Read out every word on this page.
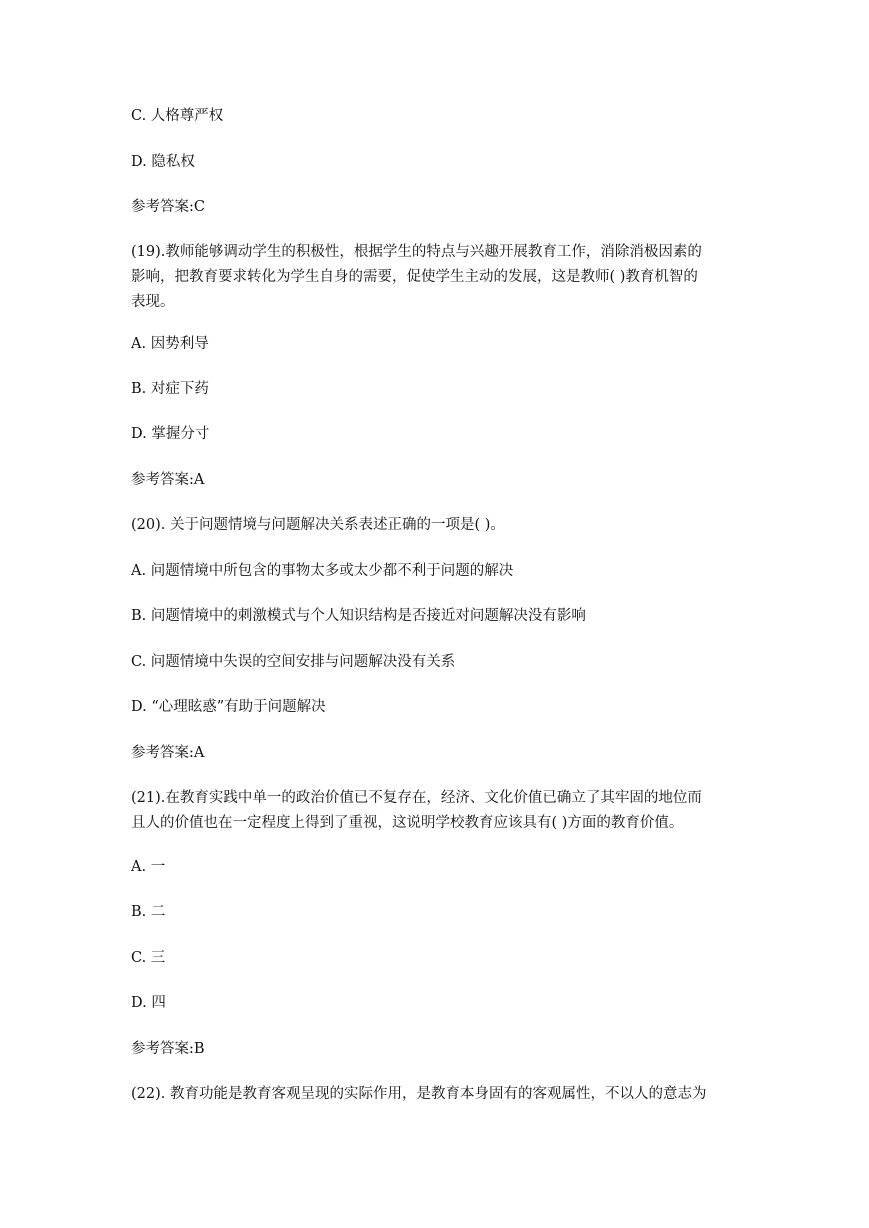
C. 人格尊严权
D. 隐私权
参考答案:C
(19).教师能够调动学生的积极性，根据学生的特点与兴趣开展教育工作，消除消极因素的
影响，把教育要求转化为学生自身的需要，促使学生主动的发展，这是教师( )教育机智的
表现。
A. 因势利导
B. 对症下药
D. 掌握分寸
参考答案:A
(20). 关于问题情境与问题解决关系表述正确的一项是( )。
A. 问题情境中所包含的事物太多或太少都不利于问题的解决
B. 问题情境中的刺激模式与个人知识结构是否接近对问题解决没有影响
C. 问题情境中失误的空间安排与问题解决没有关系
D. “心理眩惑”有助于问题解决
参考答案:A
(21).在教育实践中单一的政治价值已不复存在，经济、文化价值已确立了其牢固的地位而
且人的价值也在一定程度上得到了重视，这说明学校教育应该具有( )方面的教育价值。
A. 一
B. 二
C. 三
D. 四
参考答案:B
(22). 教育功能是教育客观呈现的实际作用，是教育本身固有的客观属性，不以人的意志为
